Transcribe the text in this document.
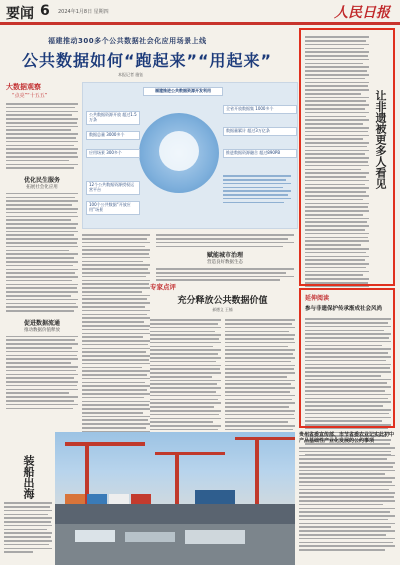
要闻 6 2024年1月8日 星期四	人民日报
福建推动300多个公共数据社会化应用场景上线
公共数据如何“跑起来”“用起来”
本报记者 施钰
大数据观察
“点亮”“十五五”
优化民生服务
拓展社会化应用
促进数据流通
推动数据价值释放
福建推进公共数据资源开发利用
公共数据资源开放 超过1.5万条
数据总量 3000多个
应用场景 300多个
12个公共数据资源授权运营平台
100个公共数据“开放应用”场景
全省开放数据集 1000多个
数据量累计 超过3万亿条
推进数据资源融合 超过890PB
赋能城市治理
营造良好数据生态
专家点评
充分释放公共数据价值
郝德义 王楠
让非遗被更多人看见
延伸阅读
参与非遗保护传承渐成社会风尚
装船出海
贵州省委宣传部、市节省委农业记实此初中产品基础性产业化发展的公约事项
